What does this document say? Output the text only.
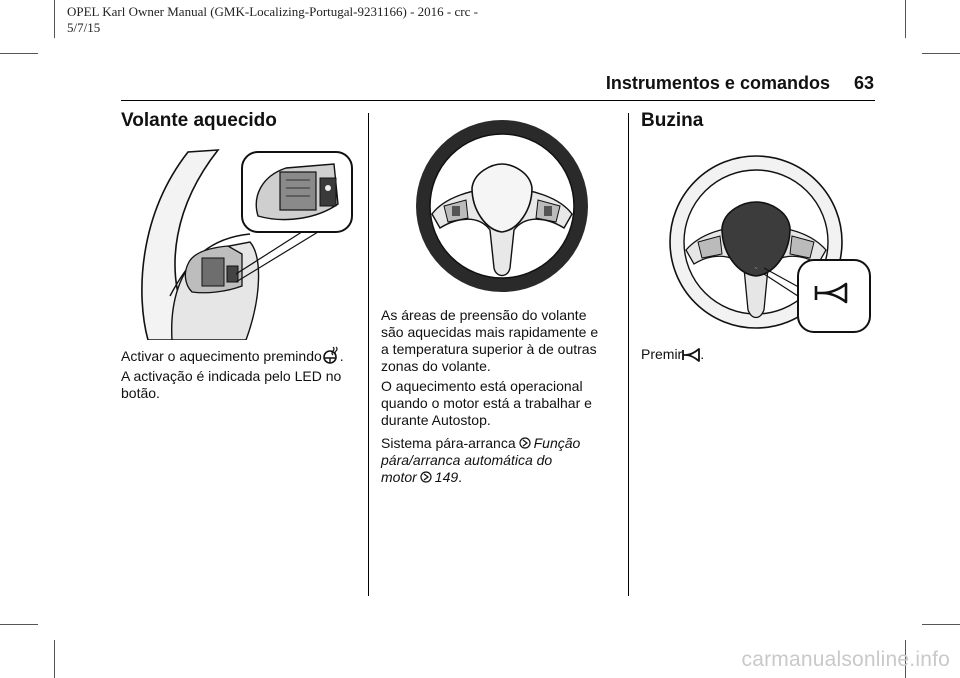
OPEL Karl Owner Manual (GMK-Localizing-Portugal-9231166) - 2016 - crc -
5/7/15
Instrumentos e comandos 63
Volante aquecido

Activar o aquecimento premindo .

A activação é indicada pelo LED no
botão.

As áreas de preensão do volante
são aquecidas mais rapidamente e
a temperatura superior à de outras
zonas do volante.
O aquecimento está operacional
quando o motor está a trabalhar e
durante Autostop.
Sistema pára-arranca Função
pára/arranca automática do
motor 149.
Buzina
~

Premir .

carmanualsonline.info
